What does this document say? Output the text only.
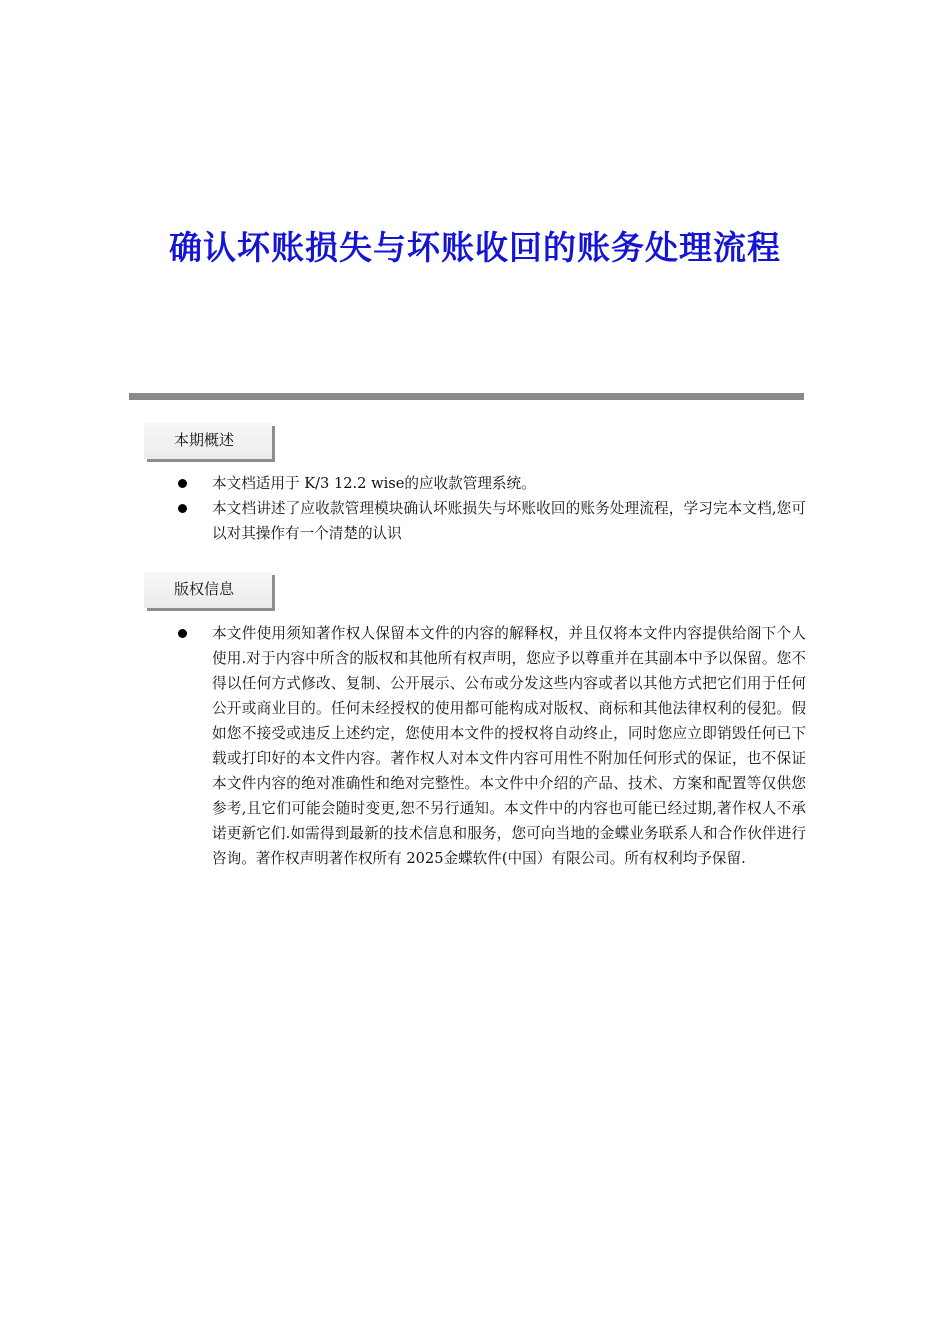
确认坏账损失与坏账收回的账务处理流程
本期概述
本文档适用于 K/3 12.2 wise的应收款管理系统。
本文档讲述了应收款管理模块确认坏账损失与坏账收回的账务处理流程，学习完本文档,您可以对其操作有一个清楚的认识
版权信息
本文件使用须知著作权人保留本文件的内容的解释权，并且仅将本文件内容提供给阁下个人使用.对于内容中所含的版权和其他所有权声明，您应予以尊重并在其副本中予以保留。您不得以任何方式修改、复制、公开展示、公布或分发这些内容或者以其他方式把它们用于任何公开或商业目的。任何未经授权的使用都可能构成对版权、商标和其他法律权利的侵犯。假如您不接受或违反上述约定，您使用本文件的授权将自动终止，同时您应立即销毁任何已下载或打印好的本文件内容。著作权人对本文件内容可用性不附加任何形式的保证，也不保证本文件内容的绝对准确性和绝对完整性。本文件中介绍的产品、技术、方案和配置等仅供您参考,且它们可能会随时变更,恕不另行通知。本文件中的内容也可能已经过期,著作权人不承诺更新它们.如需得到最新的技术信息和服务，您可向当地的金蝶业务联系人和合作伙伴进行咨询。著作权声明著作权所有 2025金蝶软件(中国）有限公司。所有权利均予保留.
